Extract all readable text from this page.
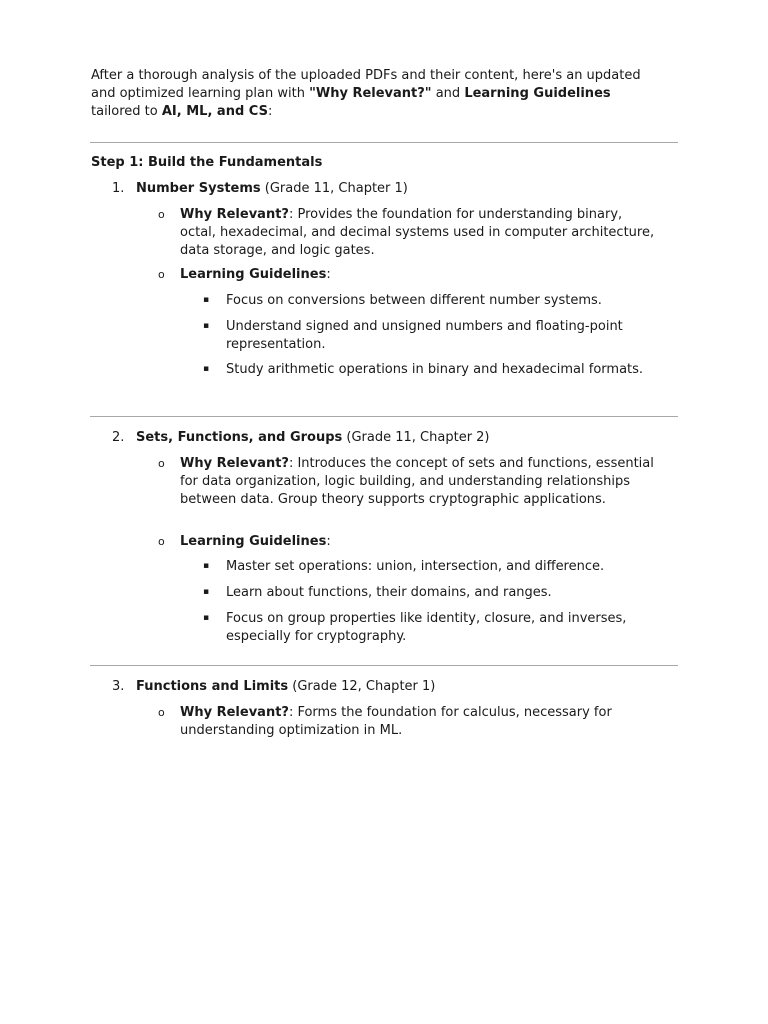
After a thorough analysis of the uploaded PDFs and their content, here's an updated and optimized learning plan with "Why Relevant?" and Learning Guidelines tailored to AI, ML, and CS:

Step 1: Build the Fundamentals

1. Number Systems (Grade 11, Chapter 1)

o Why Relevant?: Provides the foundation for understanding binary, octal, hexadecimal, and decimal systems used in computer architecture, data storage, and logic gates.

o Learning Guidelines:

▪ Focus on conversions between different number systems.

▪ Understand signed and unsigned numbers and floating-point representation.

▪ Study arithmetic operations in binary and hexadecimal formats.

2. Sets, Functions, and Groups (Grade 11, Chapter 2)

o Why Relevant?: Introduces the concept of sets and functions, essential for data organization, logic building, and understanding relationships between data. Group theory supports cryptographic applications.

o Learning Guidelines:

▪ Master set operations: union, intersection, and difference.

▪ Learn about functions, their domains, and ranges.

▪ Focus on group properties like identity, closure, and inverses, especially for cryptography.

3. Functions and Limits (Grade 12, Chapter 1)

o Why Relevant?: Forms the foundation for calculus, necessary for understanding optimization in ML.
